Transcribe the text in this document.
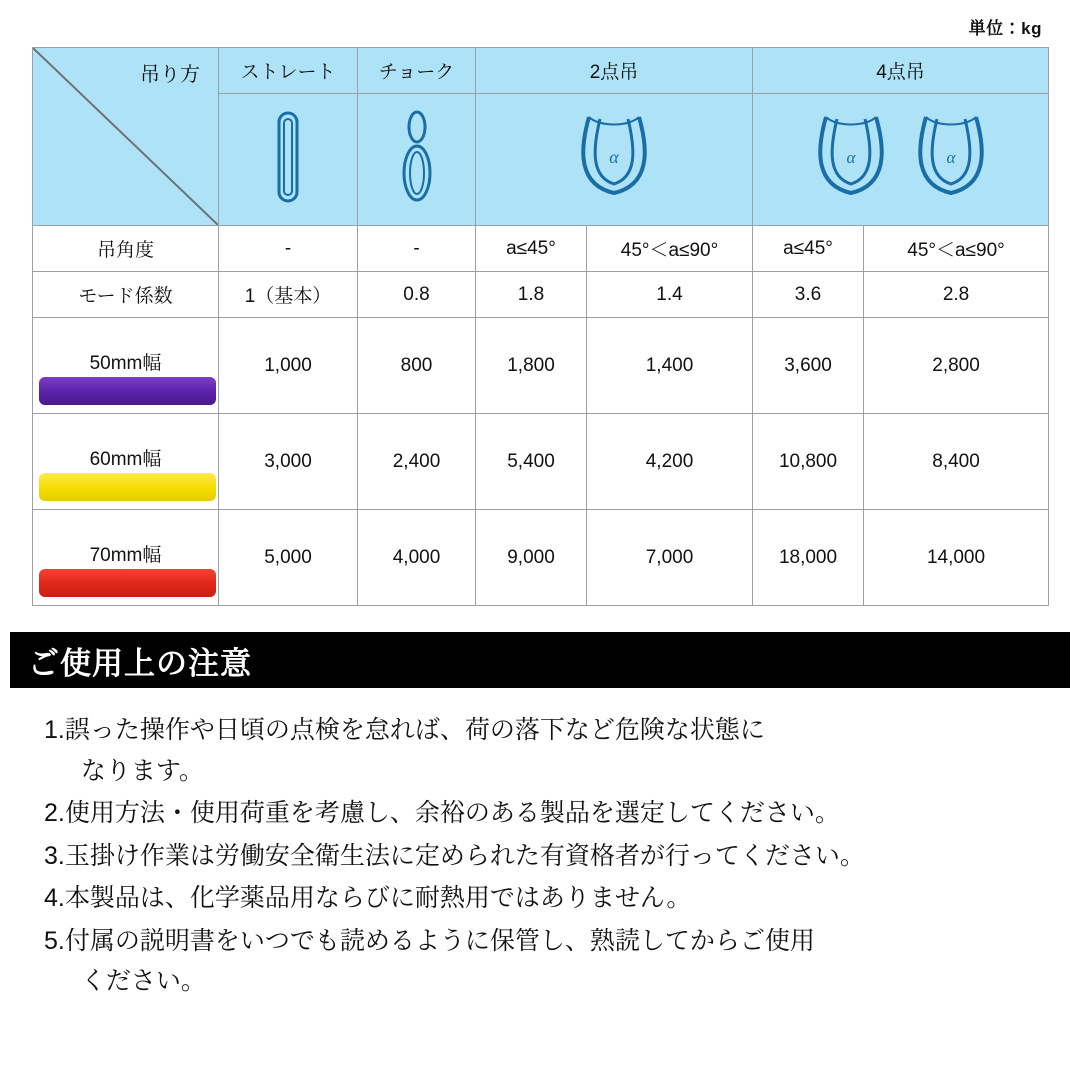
単位：kg
吊り方	ストレート	チョーク	2点吊		4点吊	

α		α α	

吊角度	-	-	a≤45°	45°＜a≤90°	a≤45°	45°＜a≤90°
モード係数	1（基本）	0.8	1.8	1.4	3.6	2.8

50mm幅	1,000	800	1,800	1,400	3,600	2,800

60mm幅	3,000	2,400	5,400	4,200	10,800	8,400

70mm幅	5,000	4,000	9,000	7,000	18,000	14,000
ご使用上の注意
1. 誤った操作や日頃の点検を怠れば、荷の落下など危険な状態に
なります。
2. 使用方法・使用荷重を考慮し、余裕のある製品を選定してください。
3. 玉掛け作業は労働安全衛生法に定められた有資格者が行ってください。
4. 本製品は、化学薬品用ならびに耐熱用ではありません。
5. 付属の説明書をいつでも読めるように保管し、熟読してからご使用
ください。
